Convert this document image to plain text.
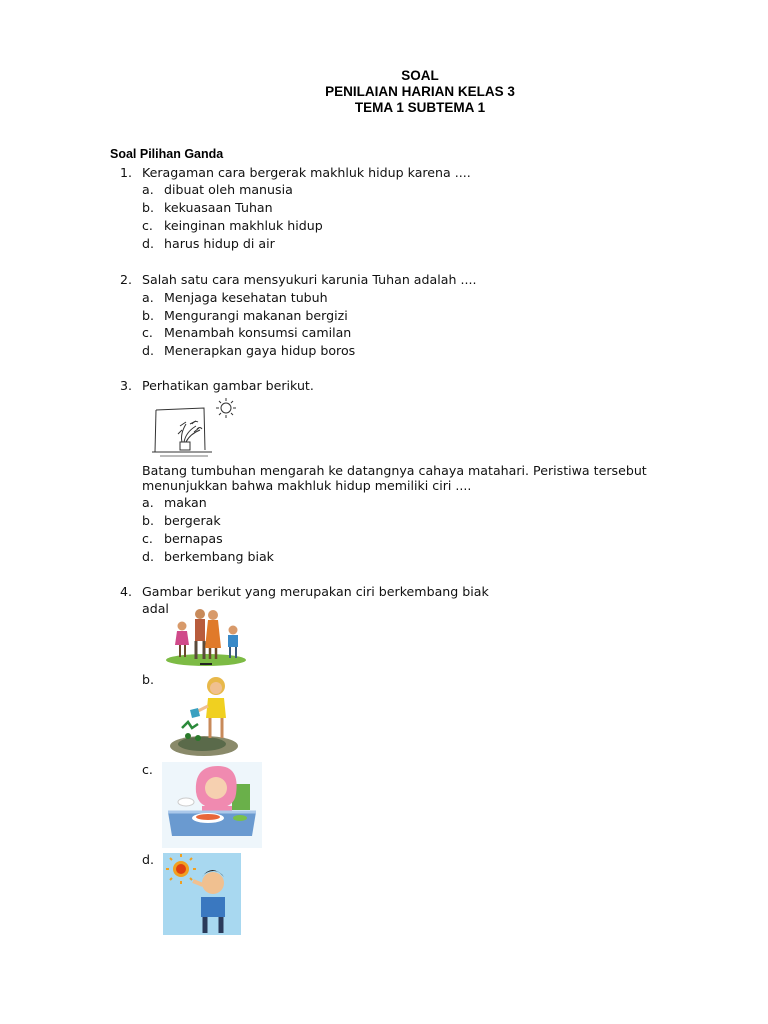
SOAL
PENILAIAN HARIAN KELAS 3
TEMA 1 SUBTEMA 1
Soal Pilihan Ganda
1. Keragaman cara bergerak makhluk hidup karena ....
a. dibuat oleh manusia
b. kekuasaan Tuhan
c. keinginan makhluk hidup
d. harus hidup di air
2. Salah satu cara mensyukuri karunia Tuhan adalah ....
a. Menjaga kesehatan tubuh
b. Mengurangi makanan bergizi
c. Menambah konsumsi camilan
d. Menerapkan gaya hidup boros
3. Perhatikan gambar berikut.
Batang tumbuhan mengarah ke datangnya cahaya matahari. Peristiwa tersebut
menunjukkan bahwa makhluk hidup memiliki ciri ....
a. makan
b. bergerak
c. bernapas
d. berkembang biak
4. Gambar berikut yang merupakan ciri berkembang biak
adal
b.
c.
d.
